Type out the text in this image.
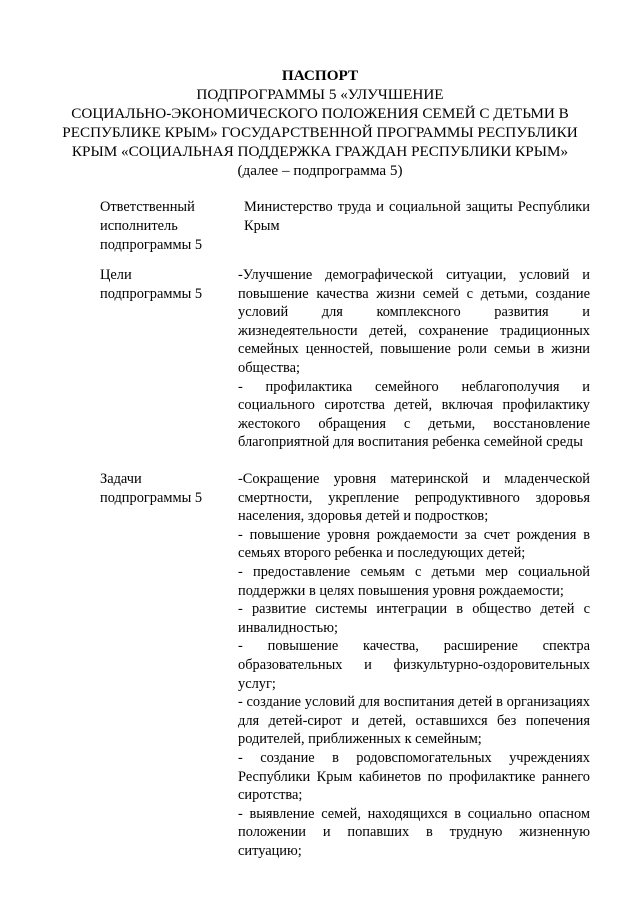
ПАСПОРТ
ПОДПРОГРАММЫ 5 «УЛУЧШЕНИЕ
СОЦИАЛЬНО-ЭКОНОМИЧЕСКОГО ПОЛОЖЕНИЯ СЕМЕЙ С ДЕТЬМИ В
РЕСПУБЛИКЕ КРЫМ» ГОСУДАРСТВЕННОЙ ПРОГРАММЫ РЕСПУБЛИКИ
КРЫМ «СОЦИАЛЬНАЯ ПОДДЕРЖКА ГРАЖДАН РЕСПУБЛИКИ КРЫМ»
(далее – подпрограмма 5)
Ответственный
исполнитель
подпрограммы 5

Министерство труда и социальной защиты Республики Крым

Цели
подпрограммы 5

-Улучшение демографической ситуации, условий и повышение качества жизни семей с детьми, создание условий для комплексного развития и жизнедеятельности детей, сохранение традиционных семейных ценностей, повышение роли семьи в жизни общества;

- профилактика семейного неблагополучия и социального сиротства детей, включая профилактику жестокого обращения с детьми, восстановление благоприятной для воспитания ребенка семейной среды

Задачи
подпрограммы 5

-Сокращение уровня материнской и младенческой смертности, укрепление репродуктивного здоровья населения, здоровья детей и подростков;

- повышение уровня рождаемости за счет рождения в семьях второго ребенка и последующих детей;

- предоставление семьям с детьми мер социальной поддержки в целях повышения уровня рождаемости;

- развитие системы интеграции в общество детей с инвалидностью;

- повышение качества, расширение спектра образовательных и физкультурно-оздоровительных услуг;

- создание условий для воспитания детей в организациях для детей-сирот и детей, оставшихся без попечения родителей, приближенных к семейным;

- создание в родовспомогательных учреждениях Республики Крым кабинетов по профилактике раннего сиротства;

- выявление семей, находящихся в социально опасном положении и попавших в трудную жизненную ситуацию;
